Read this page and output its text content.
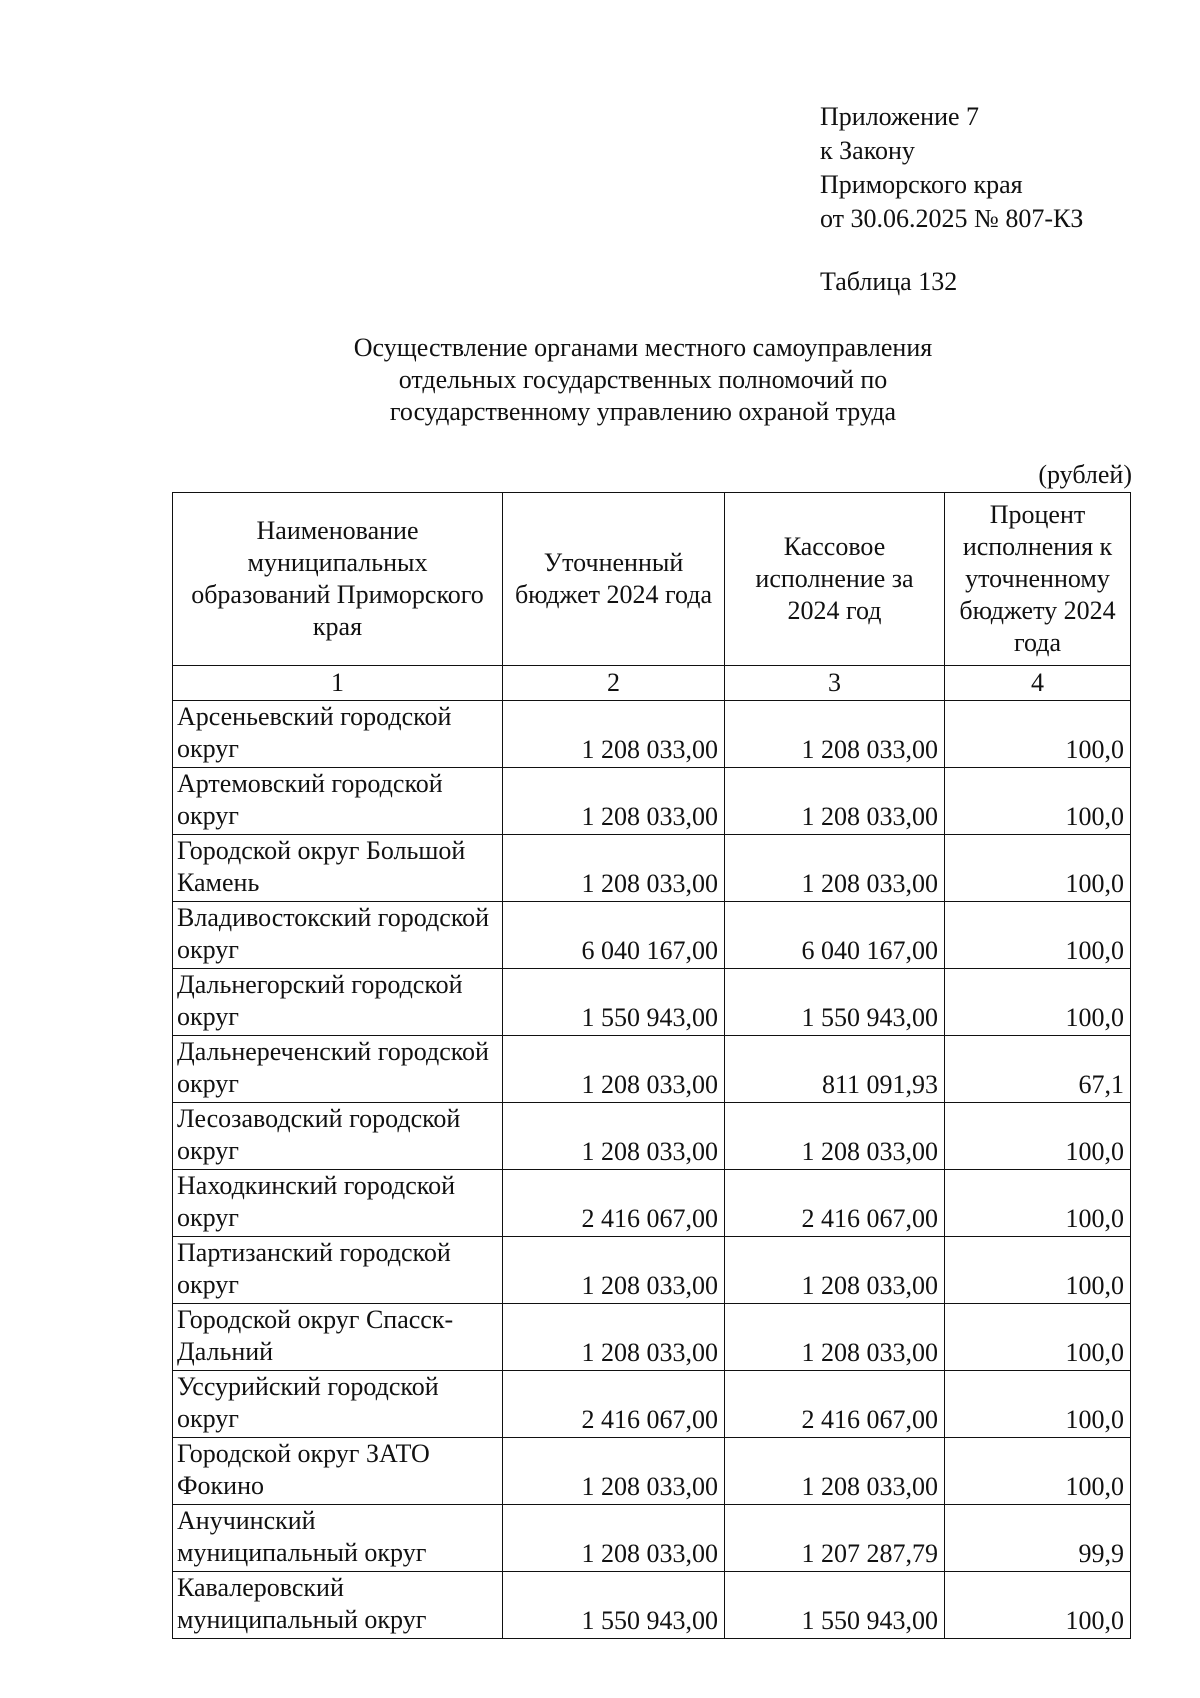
Приложение 7
к Закону
Приморского края
от 30.06.2025 № 807-КЗ
Таблица 132
Осуществление органами местного самоуправления
отдельных государственных полномочий по
государственному управлению охраной труда
(рублей)
Наименование муниципальных образований Приморского края	Уточненный бюджет 2024 года	Кассовое исполнение за 2024 год	Процент исполнения к уточненному бюджету 2024 года

1	2	3	4

Арсеньевский городской округ	1 208 033,00	1 208 033,00	100,0

Артемовский городской округ	1 208 033,00	1 208 033,00	100,0

Городской округ Большой Камень	1 208 033,00	1 208 033,00	100,0

Владивостокский городской округ	6 040 167,00	6 040 167,00	100,0

Дальнегорский городской округ	1 550 943,00	1 550 943,00	100,0

Дальнереченский городской округ	1 208 033,00	811 091,93	67,1

Лесозаводский городской округ	1 208 033,00	1 208 033,00	100,0

Находкинский городской округ	2 416 067,00	2 416 067,00	100,0

Партизанский городской округ	1 208 033,00	1 208 033,00	100,0

Городской округ Спасск-Дальний	1 208 033,00	1 208 033,00	100,0

Уссурийский городской округ	2 416 067,00	2 416 067,00	100,0

Городской округ ЗАТО Фокино	1 208 033,00	1 208 033,00	100,0

Анучинский муниципальный округ	1 208 033,00	1 207 287,79	99,9

Кавалеровский муниципальный округ	1 550 943,00	1 550 943,00	100,0
